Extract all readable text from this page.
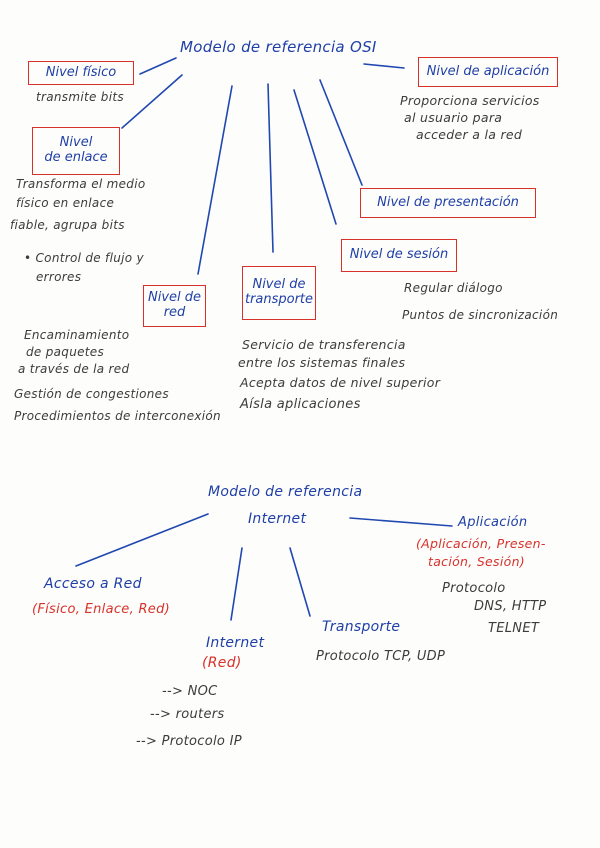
Modelo de referencia OSI
Nivel físico
transmite bits
Nivel
de enlace
Transforma el medio
físico en enlace
fiable, agrupa bits
• Control de flujo y
errores
Nivel de
red
Encaminamiento
de paquetes
a través de la red
Gestión de congestiones
Procedimientos de interconexión
Nivel de
transporte
Servicio de transferencia
entre los sistemas finales
Acepta datos de nivel superior
Aísla aplicaciones
Nivel de sesión
Regular diálogo
Puntos de sincronización
Nivel de presentación
Nivel de aplicación
Proporciona servicios
al usuario para
acceder a la red
Modelo de referencia
Internet
Acceso a Red
(Físico, Enlace, Red)
Internet
(Red)
--> NOC
--> routers
--> Protocolo IP
Transporte
Protocolo TCP, UDP
Aplicación
(Aplicación, Presen-
tación, Sesión)
Protocolo
DNS, HTTP
TELNET
